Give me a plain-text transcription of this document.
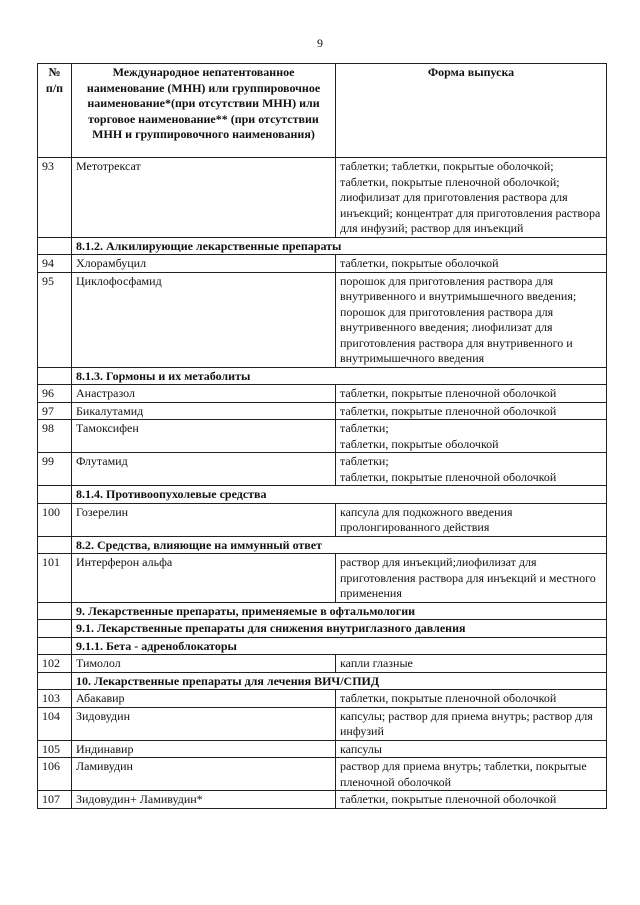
9
№ п/п	Международное непатентованное наименование (МНН) или группировочное наименование*(при отсутствии МНН) или торговое наименование** (при отсутствии МНН и группировочного наименования)	Форма выпуска
93	Метотрексат	таблетки; таблетки, покрытые оболочкой; таблетки, покрытые пленочной оболочкой; лиофилизат для приготовления раствора для инъекций; концентрат для приготовления раствора для инфузий; раствор для инъекций
	8.1.2. Алкилирующие лекарственные препараты	
94	Хлорамбуцил	таблетки, покрытые оболочкой
95	Циклофосфамид	порошок для приготовления раствора для внутривенного и внутримышечного введения; порошок для приготовления раствора для внутривенного введения; лиофилизат для приготовления раствора для внутривенного и внутримышечного введения
	8.1.3. Гормоны и их метаболиты	
96	Анастразол	таблетки, покрытые пленочной оболочкой
97	Бикалутамид	таблетки, покрытые пленочной оболочкой
98	Тамоксифен	таблетки;
таблетки, покрытые оболочкой
99	Флутамид	таблетки;
таблетки, покрытые пленочной оболочкой
	8.1.4. Противоопухолевые средства	
100	Гозерелин	капсула для подкожного введения пролонгированного действия
	8.2. Средства, влияющие на иммунный ответ	
101	Интерферон альфа	раствор для инъекций;лиофилизат для приготовления раствора для инъекций и местного применения
	9. Лекарственные препараты, применяемые в офтальмологии	
	9.1. Лекарственные препараты для снижения внутриглазного давления	
	9.1.1. Бета - адреноблокаторы	
102	Тимолол	капли глазные
	10. Лекарственные препараты для лечения ВИЧ/СПИД	
103	Абакавир	таблетки, покрытые пленочной оболочкой
104	Зидовудин	капсулы; раствор для приема внутрь; раствор для инфузий
105	Индинавир	капсулы
106	Ламивудин	раствор для приема внутрь; таблетки, покрытые пленочной оболочкой
107	Зидовудин+ Ламивудин*	таблетки, покрытые пленочной оболочкой
